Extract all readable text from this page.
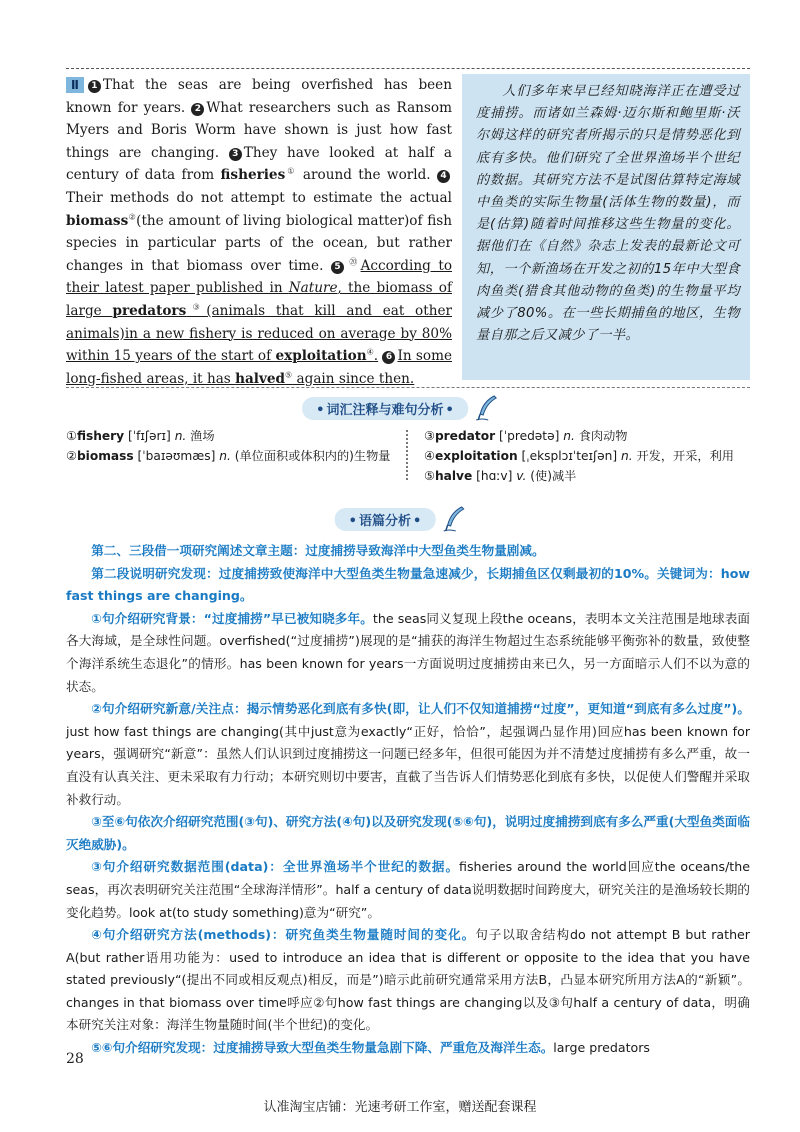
Ⅱ 1 That the seas are being overfished has been known for years. 2 What researchers such as Ransom Myers and Boris Worm have shown is just how fast things are changing. 3 They have looked at half a century of data from fisheries① around the world. 4Their methods do not attempt to estimate the actual biomass②(the amount of living biological matter)of fish species in particular parts of the ocean, but rather changes in that biomass over time. 5⑳According to their latest paper published in Nature, the biomass of large predators③(animals that kill and eat other animals)in a new fishery is reduced on average by 80% within 15 years of the start of exploitation④. 6 In some long-fished areas, it has halved⑤ again since then.
人们多年来早已经知晓海洋正在遭受过度捕捞。而诸如兰森姆·迈尔斯和鲍里斯·沃尔姆这样的研究者所揭示的只是情势恶化到底有多快。他们研究了全世界渔场半个世纪的数据。其研究方法不是试图估算特定海域中鱼类的实际生物量(活体生物的数量)，而是(估算)随着时间推移这些生物量的变化。据他们在《自然》杂志上发表的最新论文可知，一个新渔场在开发之初的15年中大型食肉鱼类(猎食其他动物的鱼类)的生物量平均减少了80%。在一些长期捕鱼的地区，生物量自那之后又减少了一半。
• 词汇注释与难句分析 •
①fishery [ˈfɪʃərɪ] n. 渔场
②biomass [ˈbaɪəʊmæs] n. (单位面积或体积内的)生物量
③predator [ˈpredətə] n. 食肉动物
④exploitation [ˌeksplɔɪˈteɪʃən] n. 开发，开采，利用
⑤halve [hɑːv] v. (使)减半
• 语篇分析 •

第二、三段借一项研究阐述文章主题：过度捕捞导致海洋中大型鱼类生物量剧减。

第二段说明研究发现：过度捕捞致使海洋中大型鱼类生物量急速减少，长期捕鱼区仅剩最初的10%。关键词为：how fast things are changing。

①句介绍研究背景：“过度捕捞”早已被知晓多年。the seas同义复现上段the oceans，表明本文关注范围是地球表面各大海域，是全球性问题。overfished(“过度捕捞”)展现的是“捕获的海洋生物超过生态系统能够平衡弥补的数量，致使整个海洋系统生态退化”的情形。has been known for years一方面说明过度捕捞由来已久，另一方面暗示人们不以为意的状态。

②句介绍研究新意/关注点：揭示情势恶化到底有多快(即，让人们不仅知道捕捞“过度”，更知道“到底有多么过度”)。just how fast things are changing(其中just意为exactly“正好，恰恰”，起强调凸显作用)回应has been known for years，强调研究“新意”：虽然人们认识到过度捕捞这一问题已经多年，但很可能因为并不清楚过度捕捞有多么严重，故一直没有认真关注、更未采取有力行动；本研究则切中要害，直截了当告诉人们情势恶化到底有多快，以促使人们警醒并采取补救行动。

③至⑥句依次介绍研究范围(③句)、研究方法(④句)以及研究发现(⑤⑥句)，说明过度捕捞到底有多么严重(大型鱼类面临灭绝威胁)。

③句介绍研究数据范围(data)：全世界渔场半个世纪的数据。fisheries around the world回应the oceans/the seas，再次表明研究关注范围“全球海洋情形”。half a century of data说明数据时间跨度大，研究关注的是渔场较长期的变化趋势。look at(to study something)意为“研究”。

④句介绍研究方法(methods)：研究鱼类生物量随时间的变化。句子以取舍结构do not attempt B but rather A(but rather语用功能为：used to introduce an idea that is different or opposite to the idea that you have stated previously“(提出不同或相反观点)相反，而是”)暗示此前研究通常采用方法B，凸显本研究所用方法A的“新颖”。changes in that biomass over time呼应②句how fast things are changing以及③句half a century of data，明确本研究关注对象：海洋生物量随时间(半个世纪)的变化。

⑤⑥句介绍研究发现：过度捕捞导致大型鱼类生物量急剧下降、严重危及海洋生态。large predators

28
认准淘宝店铺：光速考研工作室，赠送配套课程
